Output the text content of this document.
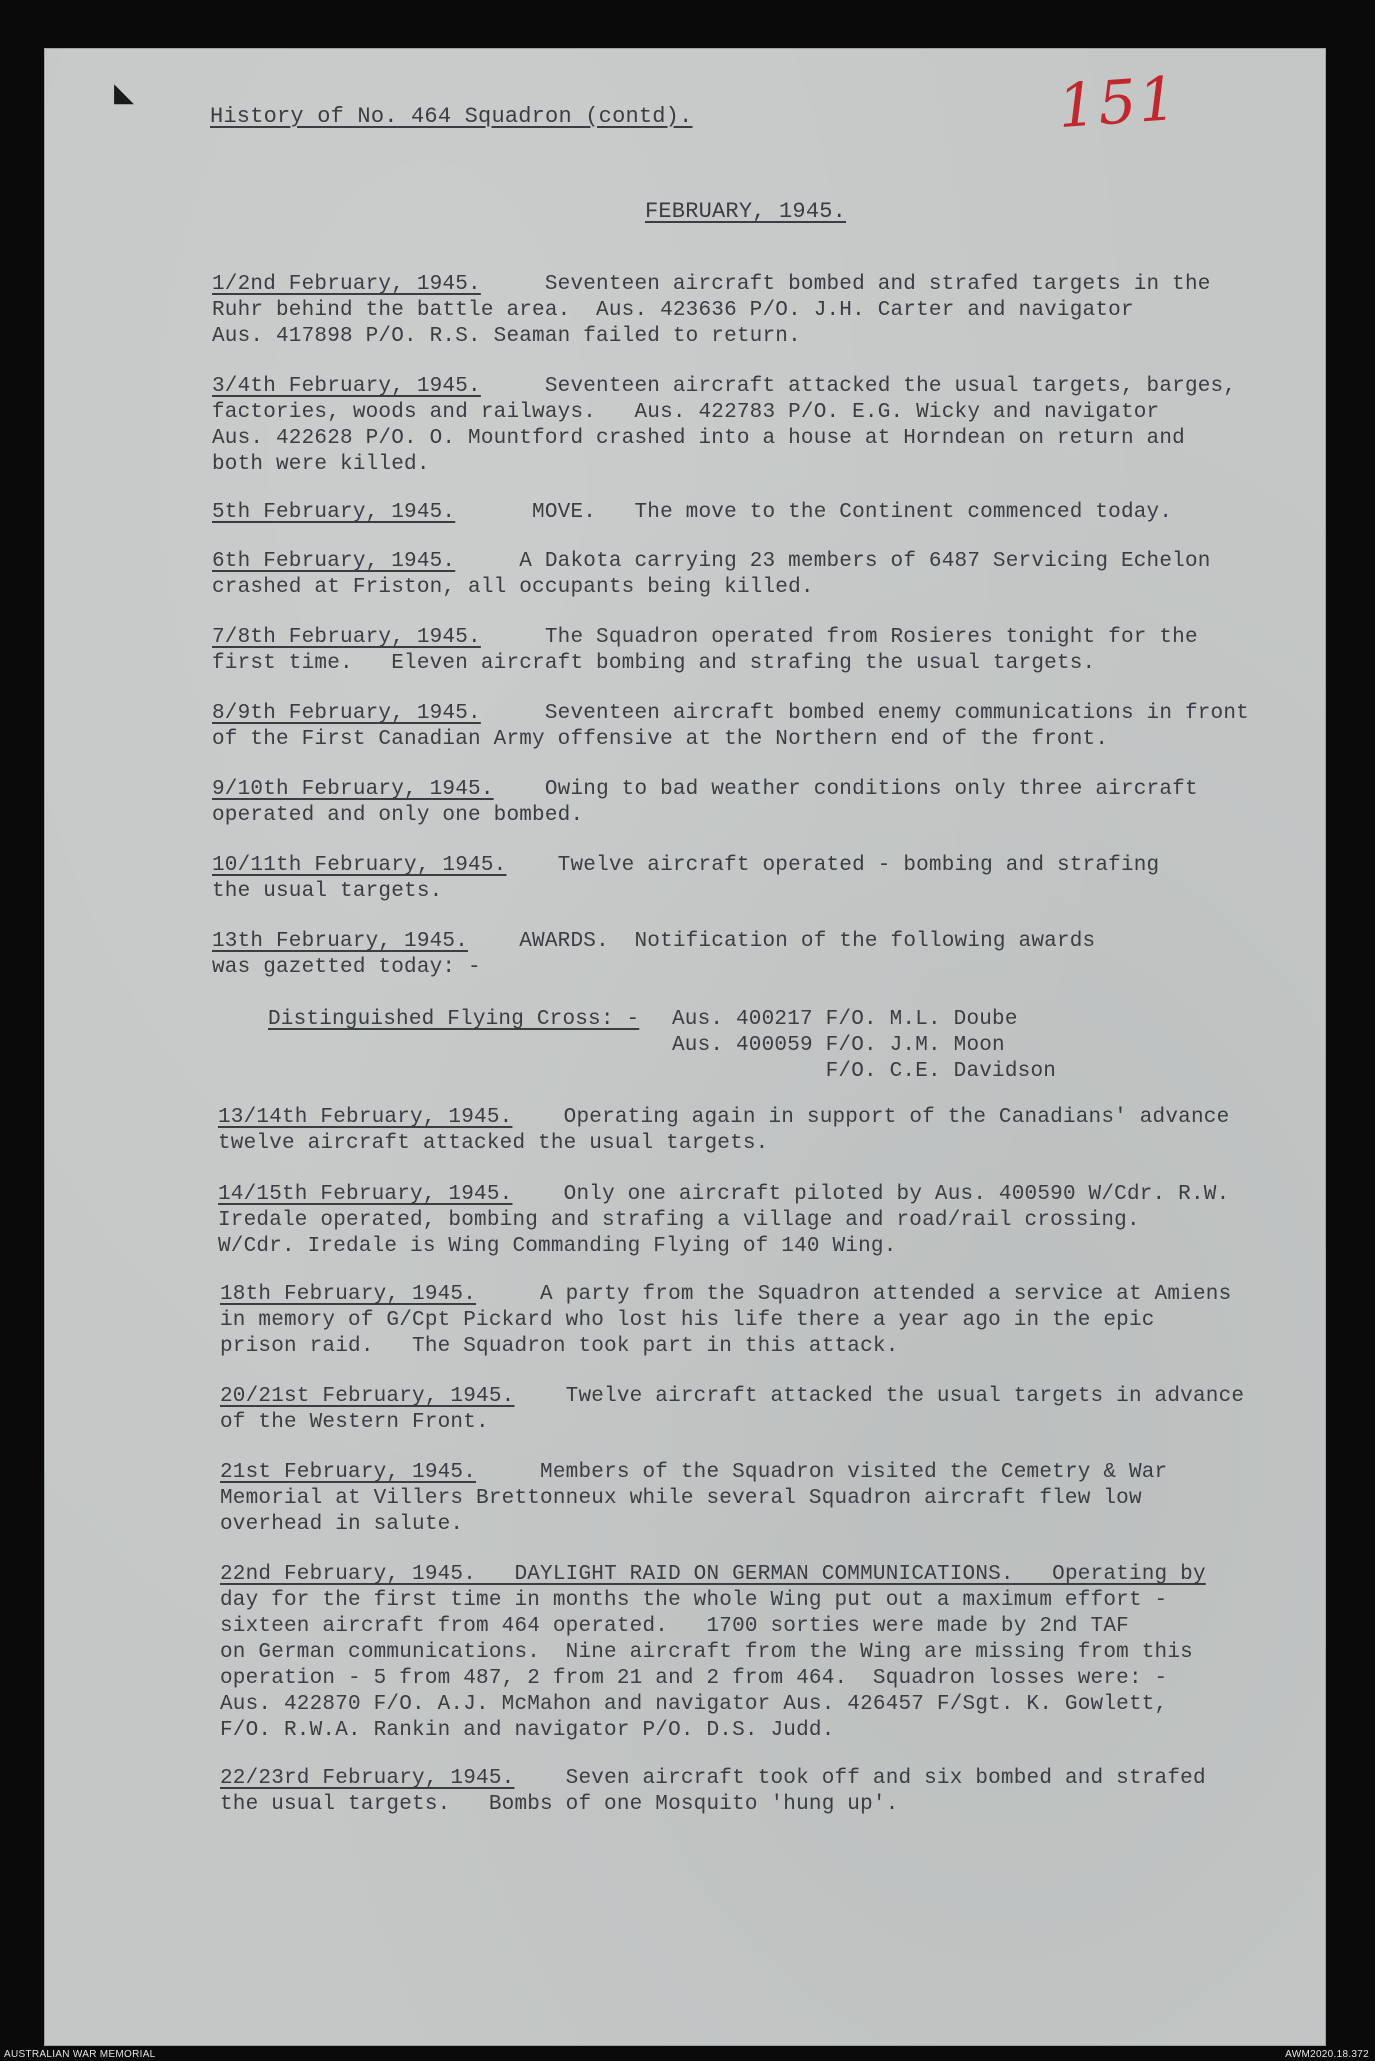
◣
History of No. 464 Squadron (contd).	151
FEBRUARY, 1945.
1/2nd February, 1945.     Seventeen aircraft bombed and strafed targets in the
Ruhr behind the battle area.  Aus. 423636 P/O. J.H. Carter and navigator
Aus. 417898 P/O. R.S. Seaman failed to return.
3/4th February, 1945.     Seventeen aircraft attacked the usual targets, barges,
factories, woods and railways.   Aus. 422783 P/O. E.G. Wicky and navigator
Aus. 422628 P/O. O. Mountford crashed into a house at Horndean on return and
both were killed.
5th February, 1945.      MOVE.   The move to the Continent commenced today.
6th February, 1945.     A Dakota carrying 23 members of 6487 Servicing Echelon
crashed at Friston, all occupants being killed.
7/8th February, 1945.     The Squadron operated from Rosieres tonight for the
first time.   Eleven aircraft bombing and strafing the usual targets.
8/9th February, 1945.     Seventeen aircraft bombed enemy communications in front
of the First Canadian Army offensive at the Northern end of the front.
9/10th February, 1945.    Owing to bad weather conditions only three aircraft
operated and only one bombed.
10/11th February, 1945.    Twelve aircraft operated - bombing and strafing
the usual targets.
13th February, 1945.    AWARDS.  Notification of the following awards
was gazetted today: -
Distinguished Flying Cross: - Aus. 400217 F/O. M.L. Doube
Aus. 400059 F/O. J.M. Moon
F/O. C.E. Davidson
13/14th February, 1945.    Operating again in support of the Canadians' advance
twelve aircraft attacked the usual targets.
14/15th February, 1945.    Only one aircraft piloted by Aus. 400590 W/Cdr. R.W.
Iredale operated, bombing and strafing a village and road/rail crossing.
W/Cdr. Iredale is Wing Commanding Flying of 140 Wing.
18th February, 1945.     A party from the Squadron attended a service at Amiens
in memory of G/Cpt Pickard who lost his life there a year ago in the epic
prison raid.   The Squadron took part in this attack.
20/21st February, 1945.    Twelve aircraft attacked the usual targets in advance
of the Western Front.
21st February, 1945.     Members of the Squadron visited the Cemetry & War
Memorial at Villers Brettonneux while several Squadron aircraft flew low
overhead in salute.
22nd February, 1945.   DAYLIGHT RAID ON GERMAN COMMUNICATIONS.   Operating by
day for the first time in months the whole Wing put out a maximum effort -
sixteen aircraft from 464 operated.   1700 sorties were made by 2nd TAF
on German communications.  Nine aircraft from the Wing are missing from this
operation - 5 from 487, 2 from 21 and 2 from 464.  Squadron losses were: -
Aus. 422870 F/O. A.J. McMahon and navigator Aus. 426457 F/Sgt. K. Gowlett,
F/O. R.W.A. Rankin and navigator P/O. D.S. Judd.
22/23rd February, 1945.    Seven aircraft took off and six bombed and strafed
the usual targets.   Bombs of one Mosquito 'hung up'.
AUSTRALIAN WAR MEMORIAL	AWM2020.18.372
